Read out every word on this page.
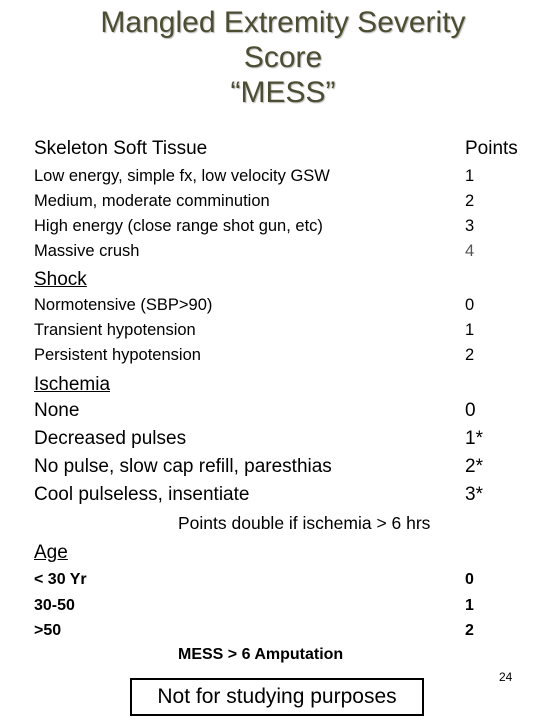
Mangled Extremity Severity
Score
“MESS”
Skeleton Soft Tissue	Points
Low energy, simple fx, low velocity GSW
Medium, moderate comminution
High energy (close range shot gun, etc)
Massive crush
1
2
3
4
Shock
Normotensive (SBP>90)
Transient hypotension
Persistent hypotension
0
1
2
Ischemia
None
Decreased pulses
No pulse, slow cap refill, paresthias
Cool pulseless, insentiate
0
1*
2*
3*
Points double if ischemia > 6 hrs
Age
< 30 Yr
30-50
>50
0
1
2
MESS > 6 Amputation
24
Not for studying purposes
